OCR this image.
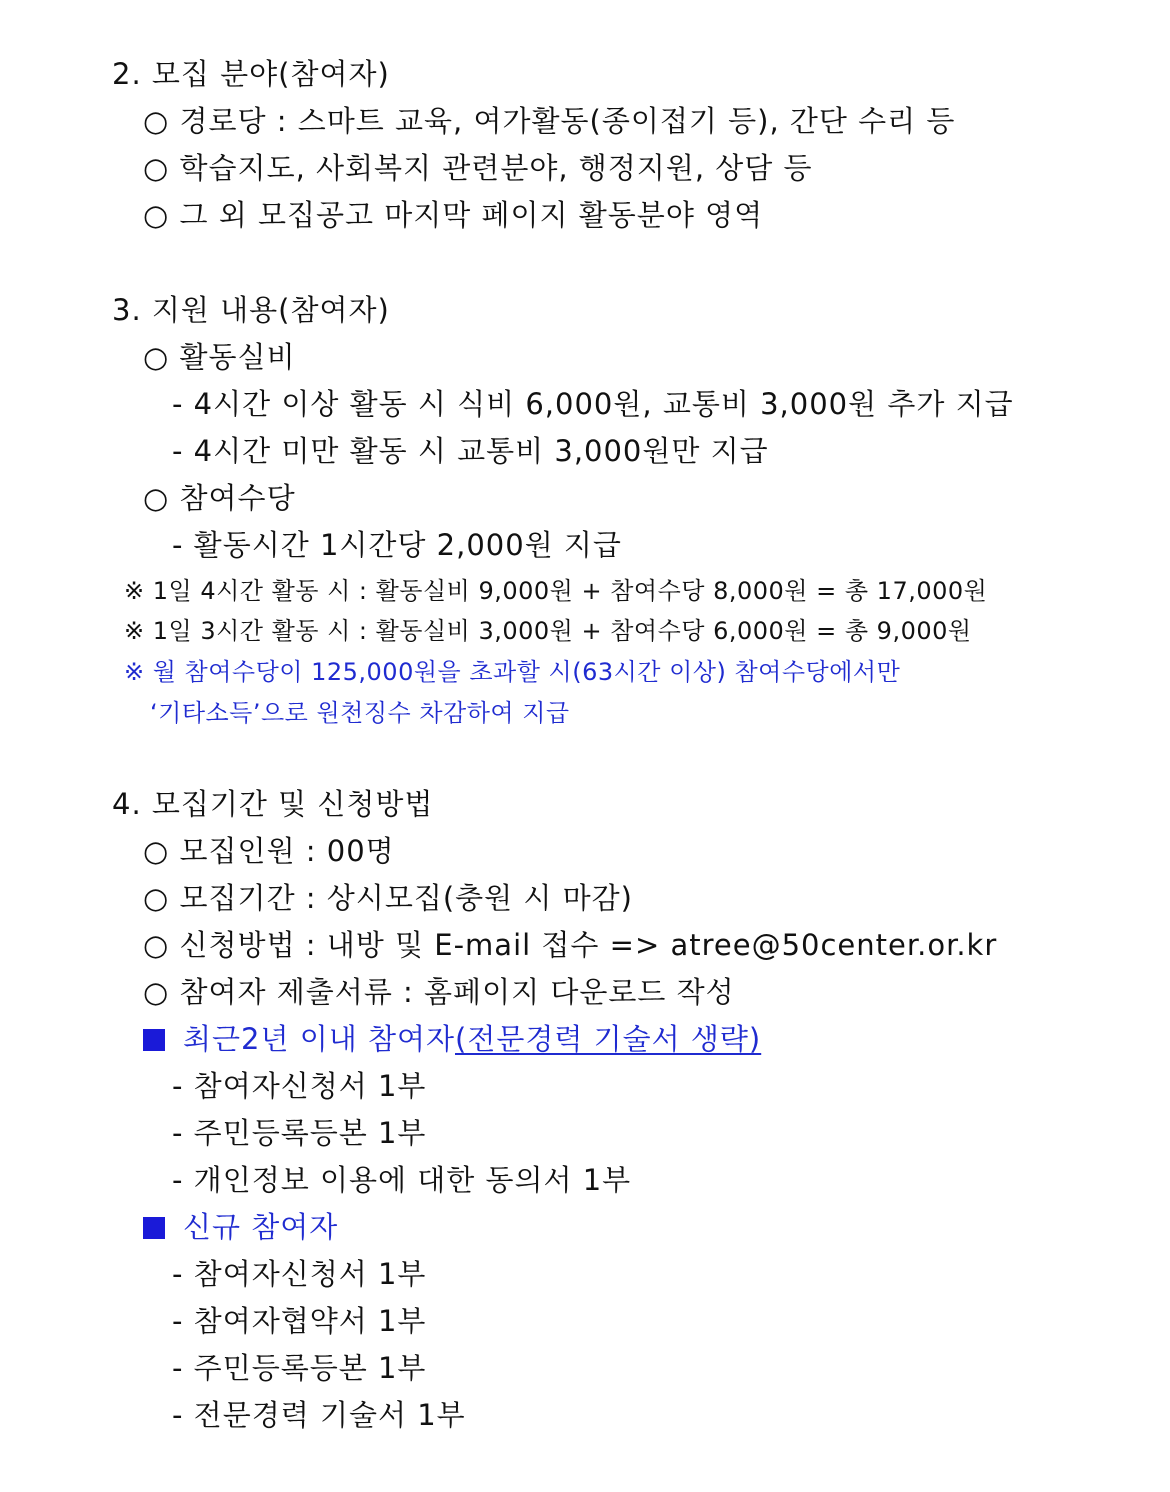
2. 모집 분야(참여자)
○ 경로당 : 스마트 교육, 여가활동(종이접기 등), 간단 수리 등
○ 학습지도, 사회복지 관련분야, 행정지원, 상담 등
○ 그 외 모집공고 마지막 페이지 활동분야 영역
3. 지원 내용(참여자)
○ 활동실비
- 4시간 이상 활동 시 식비 6,000원, 교통비 3,000원 추가 지급
- 4시간 미만 활동 시 교통비 3,000원만 지급
○ 참여수당
- 활동시간 1시간당 2,000원 지급
※ 1일 4시간 활동 시 : 활동실비 9,000원 + 참여수당 8,000원 = 총 17,000원
※ 1일 3시간 활동 시 : 활동실비 3,000원 + 참여수당 6,000원 = 총 9,000원
※ 월 참여수당이 125,000원을 초과할 시(63시간 이상) 참여수당에서만
‘기타소득’으로 원천징수 차감하여 지급
4. 모집기간 및 신청방법
○ 모집인원 : 00명
○ 모집기간 : 상시모집(충원 시 마감)
○ 신청방법 : 내방 및 E-mail 접수 => atree@50center.or.kr
○ 참여자 제출서류 : 홈페이지 다운로드 작성
최근2년 이내 참여자(전문경력 기술서 생략)
- 참여자신청서 1부
- 주민등록등본 1부
- 개인정보 이용에 대한 동의서 1부
신규 참여자
- 참여자신청서 1부
- 참여자협약서 1부
- 주민등록등본 1부
- 전문경력 기술서 1부
